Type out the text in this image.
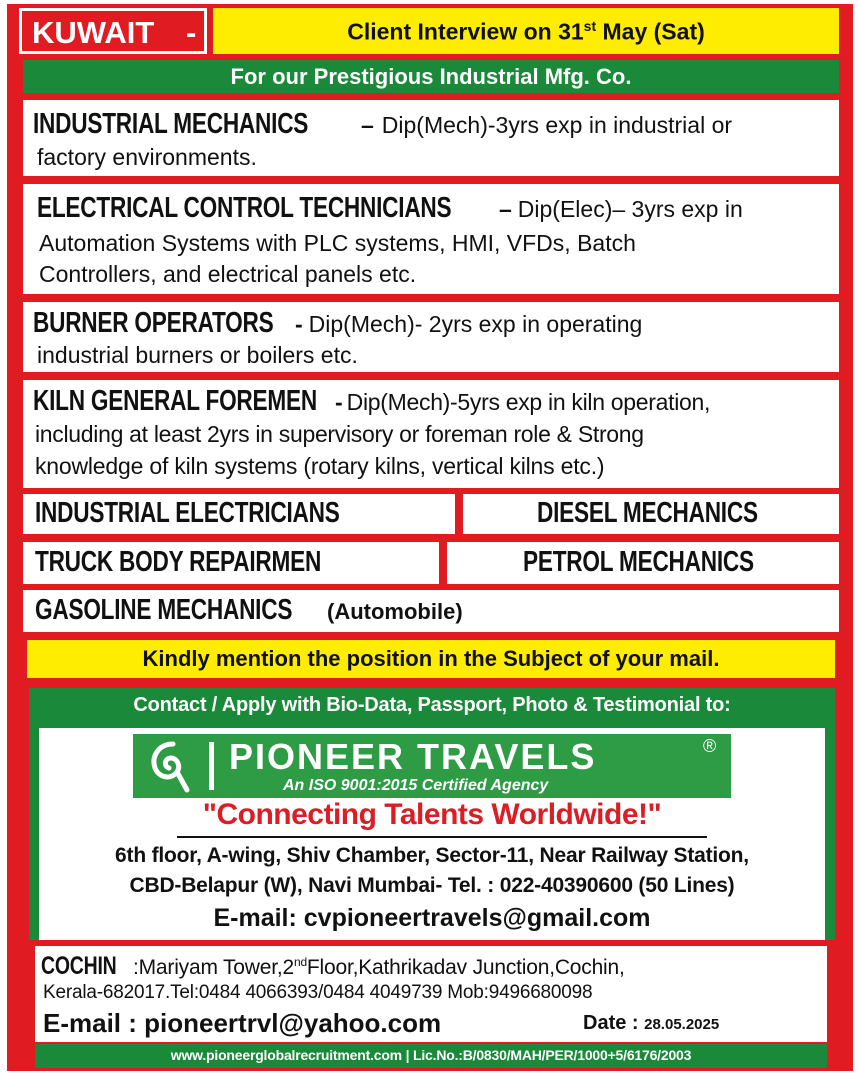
KUWAIT -	Client Interview on 31st May (Sat)
For our Prestigious Industrial Mfg. Co.
INDUSTRIAL MECHANICS – Dip(Mech)-3yrs exp in industrial or
factory environments.
ELECTRICAL CONTROL TECHNICIANS – Dip(Elec)– 3yrs exp in
Automation Systems with PLC systems, HMI, VFDs, Batch
Controllers, and electrical panels etc.
BURNER OPERATORS - Dip(Mech)- 2yrs exp in operating
industrial burners or boilers etc.
KILN GENERAL FOREMEN - Dip(Mech)-5yrs exp in kiln operation,
including at least 2yrs in supervisory or foreman role & Strong
knowledge of kiln systems (rotary kilns, vertical kilns etc.)
INDUSTRIAL ELECTRICIANS	DIESEL MECHANICS
TRUCK BODY REPAIRMEN	PETROL MECHANICS
GASOLINE MECHANICS (Automobile)
Kindly mention the position in the Subject of your mail.
Contact / Apply with Bio-Data, Passport, Photo & Testimonial to:
PIONEER TRAVELS	®
An ISO 9001:2015 Certified Agency
"Connecting Talents Worldwide!"
6th floor, A-wing, Shiv Chamber, Sector-11, Near Railway Station,
CBD-Belapur (W), Navi Mumbai- Tel. : 022-40390600 (50 Lines)
E-mail: cvpioneertravels@gmail.com
COCHIN :Mariyam Tower,2ndFloor,Kathrikadav Junction,Cochin,
Kerala-682017.Tel:0484 4066393/0484 4049739 Mob:9496680098
E-mail : pioneertrvl@yahoo.com	Date : 28.05.2025
www.pioneerglobalrecruitment.com | Lic.No.:B/0830/MAH/PER/1000+5/6176/2003
